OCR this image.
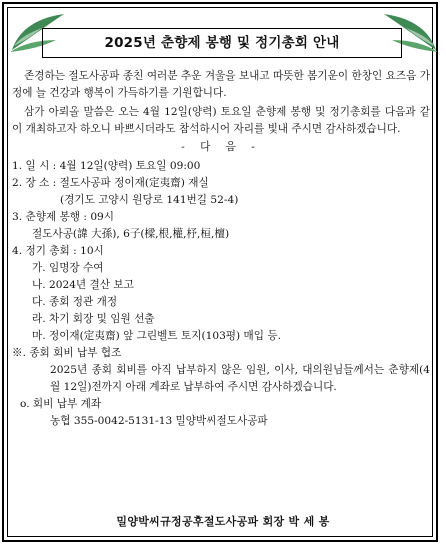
2025년 춘향제 봉행 및 정기총회 안내
존경하는 절도사공파 종친 여러분 추운 겨울을 보내고 따뜻한 봄기운이 한창인 요즈음 가정에 늘 건강과 행복이 가득하기를 기원합니다.
삼가 아뢰올 말씀은 오는 4월 12일(양력) 토요일 춘향제 봉행 및 정기총회를 다음과 같이 개최하고자 하오니 바쁘시더라도 참석하시어 자리를 빛내 주시면 감사하겠습니다.
- 다 음 -
1. 일 시 : 4월 12일(양력) 토요일 09:00
2. 장 소 : 절도사공파 정이재(定夷齋) 재실
(경기도 고양시 원당로 141번길 52-4)
3. 춘향제 봉행 : 09시
절도사공(諱 大孫), 6子(樑,根,權,杼,桓,檀)
4. 정기 총회 : 10시
가. 임명장 수여
나. 2024년 결산 보고
다. 종회 정관 개정
라. 차기 회장 및 임원 선출
마. 정이재(定夷齋) 앞 그린벨트 토지(103평) 매입 등.
※. 종회 회비 납부 협조
2025년 종회 회비를 아직 납부하지 않은 임원, 이사, 대의원님들께서는 춘향제(4월 12일)전까지 아래 계좌로 납부하여 주시면 감사하겠습니다.
o. 회비 납부 계좌
농협 355-0042-5131-13 밀양박씨절도사공파
밀양박씨규정공후절도사공파 회장 박 세 봉
